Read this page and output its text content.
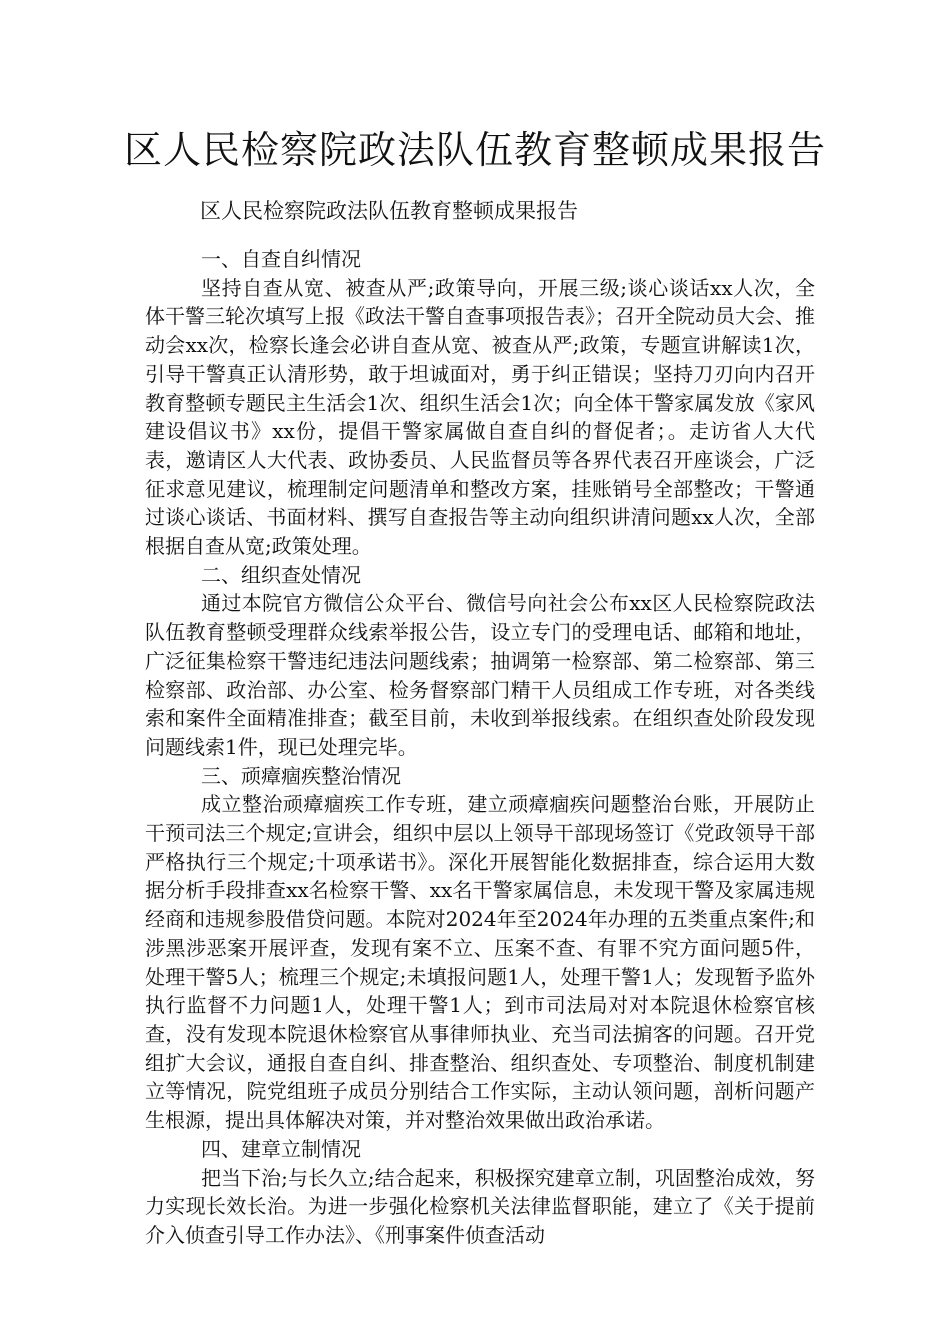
区人民检察院政法队伍教育整顿成果报告

区人民检察院政法队伍教育整顿成果报告

一、自查自纠情况
坚持自查从宽、被查从严;政策导向，开展三级;谈心谈话xx人次，全体干警三轮次填写上报《政法干警自查事项报告表》；召开全院动员大会、推动会xx次，检察长逢会必讲自查从宽、被查从严;政策，专题宣讲解读1次，引导干警真正认清形势，敢于坦诚面对，勇于纠正错误；坚持刀刃向内召开教育整顿专题民主生活会1次、组织生活会1次；向全体干警家属发放《家风建设倡议书》xx份，提倡干警家属做自查自纠的督促者；。走访省人大代表，邀请区人大代表、政协委员、人民监督员等各界代表召开座谈会，广泛征求意见建议，梳理制定问题清单和整改方案，挂账销号全部整改；干警通过谈心谈话、书面材料、撰写自查报告等主动向组织讲清问题xx人次，全部根据自查从宽;政策处理。
二、组织查处情况
通过本院官方微信公众平台、微信号向社会公布xx区人民检察院政法队伍教育整顿受理群众线索举报公告，设立专门的受理电话、邮箱和地址，广泛征集检察干警违纪违法问题线索；抽调第一检察部、第二检察部、第三检察部、政治部、办公室、检务督察部门精干人员组成工作专班，对各类线索和案件全面精准排查；截至目前，未收到举报线索。在组织查处阶段发现问题线索1件，现已处理完毕。
三、顽瘴痼疾整治情况
成立整治顽瘴痼疾工作专班，建立顽瘴痼疾问题整治台账，开展防止干预司法三个规定;宣讲会，组织中层以上领导干部现场签订《党政领导干部严格执行三个规定;十项承诺书》。深化开展智能化数据排查，综合运用大数据分析手段排查xx名检察干警、xx名干警家属信息，未发现干警及家属违规经商和违规参股借贷问题。本院对2024年至2024年办理的五类重点案件;和涉黑涉恶案开展评查，发现有案不立、压案不查、有罪不究方面问题5件，处理干警5人；梳理三个规定;未填报问题1人，处理干警1人；发现暂予监外执行监督不力问题1人，处理干警1人；到市司法局对对本院退休检察官核查，没有发现本院退休检察官从事律师执业、充当司法掮客的问题。召开党组扩大会议，通报自查自纠、排查整治、组织查处、专项整治、制度机制建立等情况，院党组班子成员分别结合工作实际，主动认领问题，剖析问题产生根源，提出具体解决对策，并对整治效果做出政治承诺。
四、建章立制情况
把当下治;与长久立;结合起来，积极探究建章立制，巩固整治成效，努力实现长效长治。为进一步强化检察机关法律监督职能，建立了《关于提前介入侦查引导工作办法》、《刑事案件侦查活动
